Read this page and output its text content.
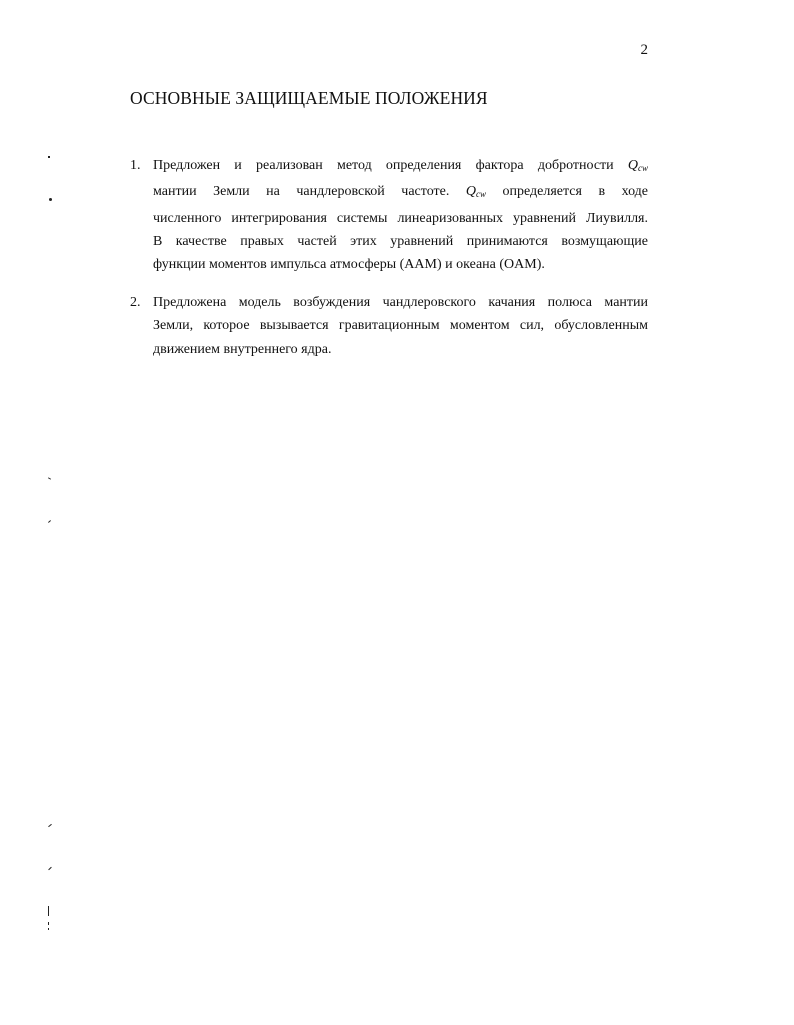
2
ОСНОВНЫЕ ЗАЩИЩАЕМЫЕ ПОЛОЖЕНИЯ
1. Предложен и реализован метод определения фактора добротности $Q_{cw}$
мантии Земли на чандлеровской частоте. $Q_{cw}$ определяется в ходе
численного интегрирования системы линеаризованных уравнений Лиувилля.
В качестве правых частей этих уравнений принимаются возмущающие
функции моментов импульса атмосферы (AAM) и океана (OAM).
2. Предложена модель возбуждения чандлеровского качания полюса мантии
Земли, которое вызывается гравитационным моментом сил, обусловленным
движением внутреннего ядра.
